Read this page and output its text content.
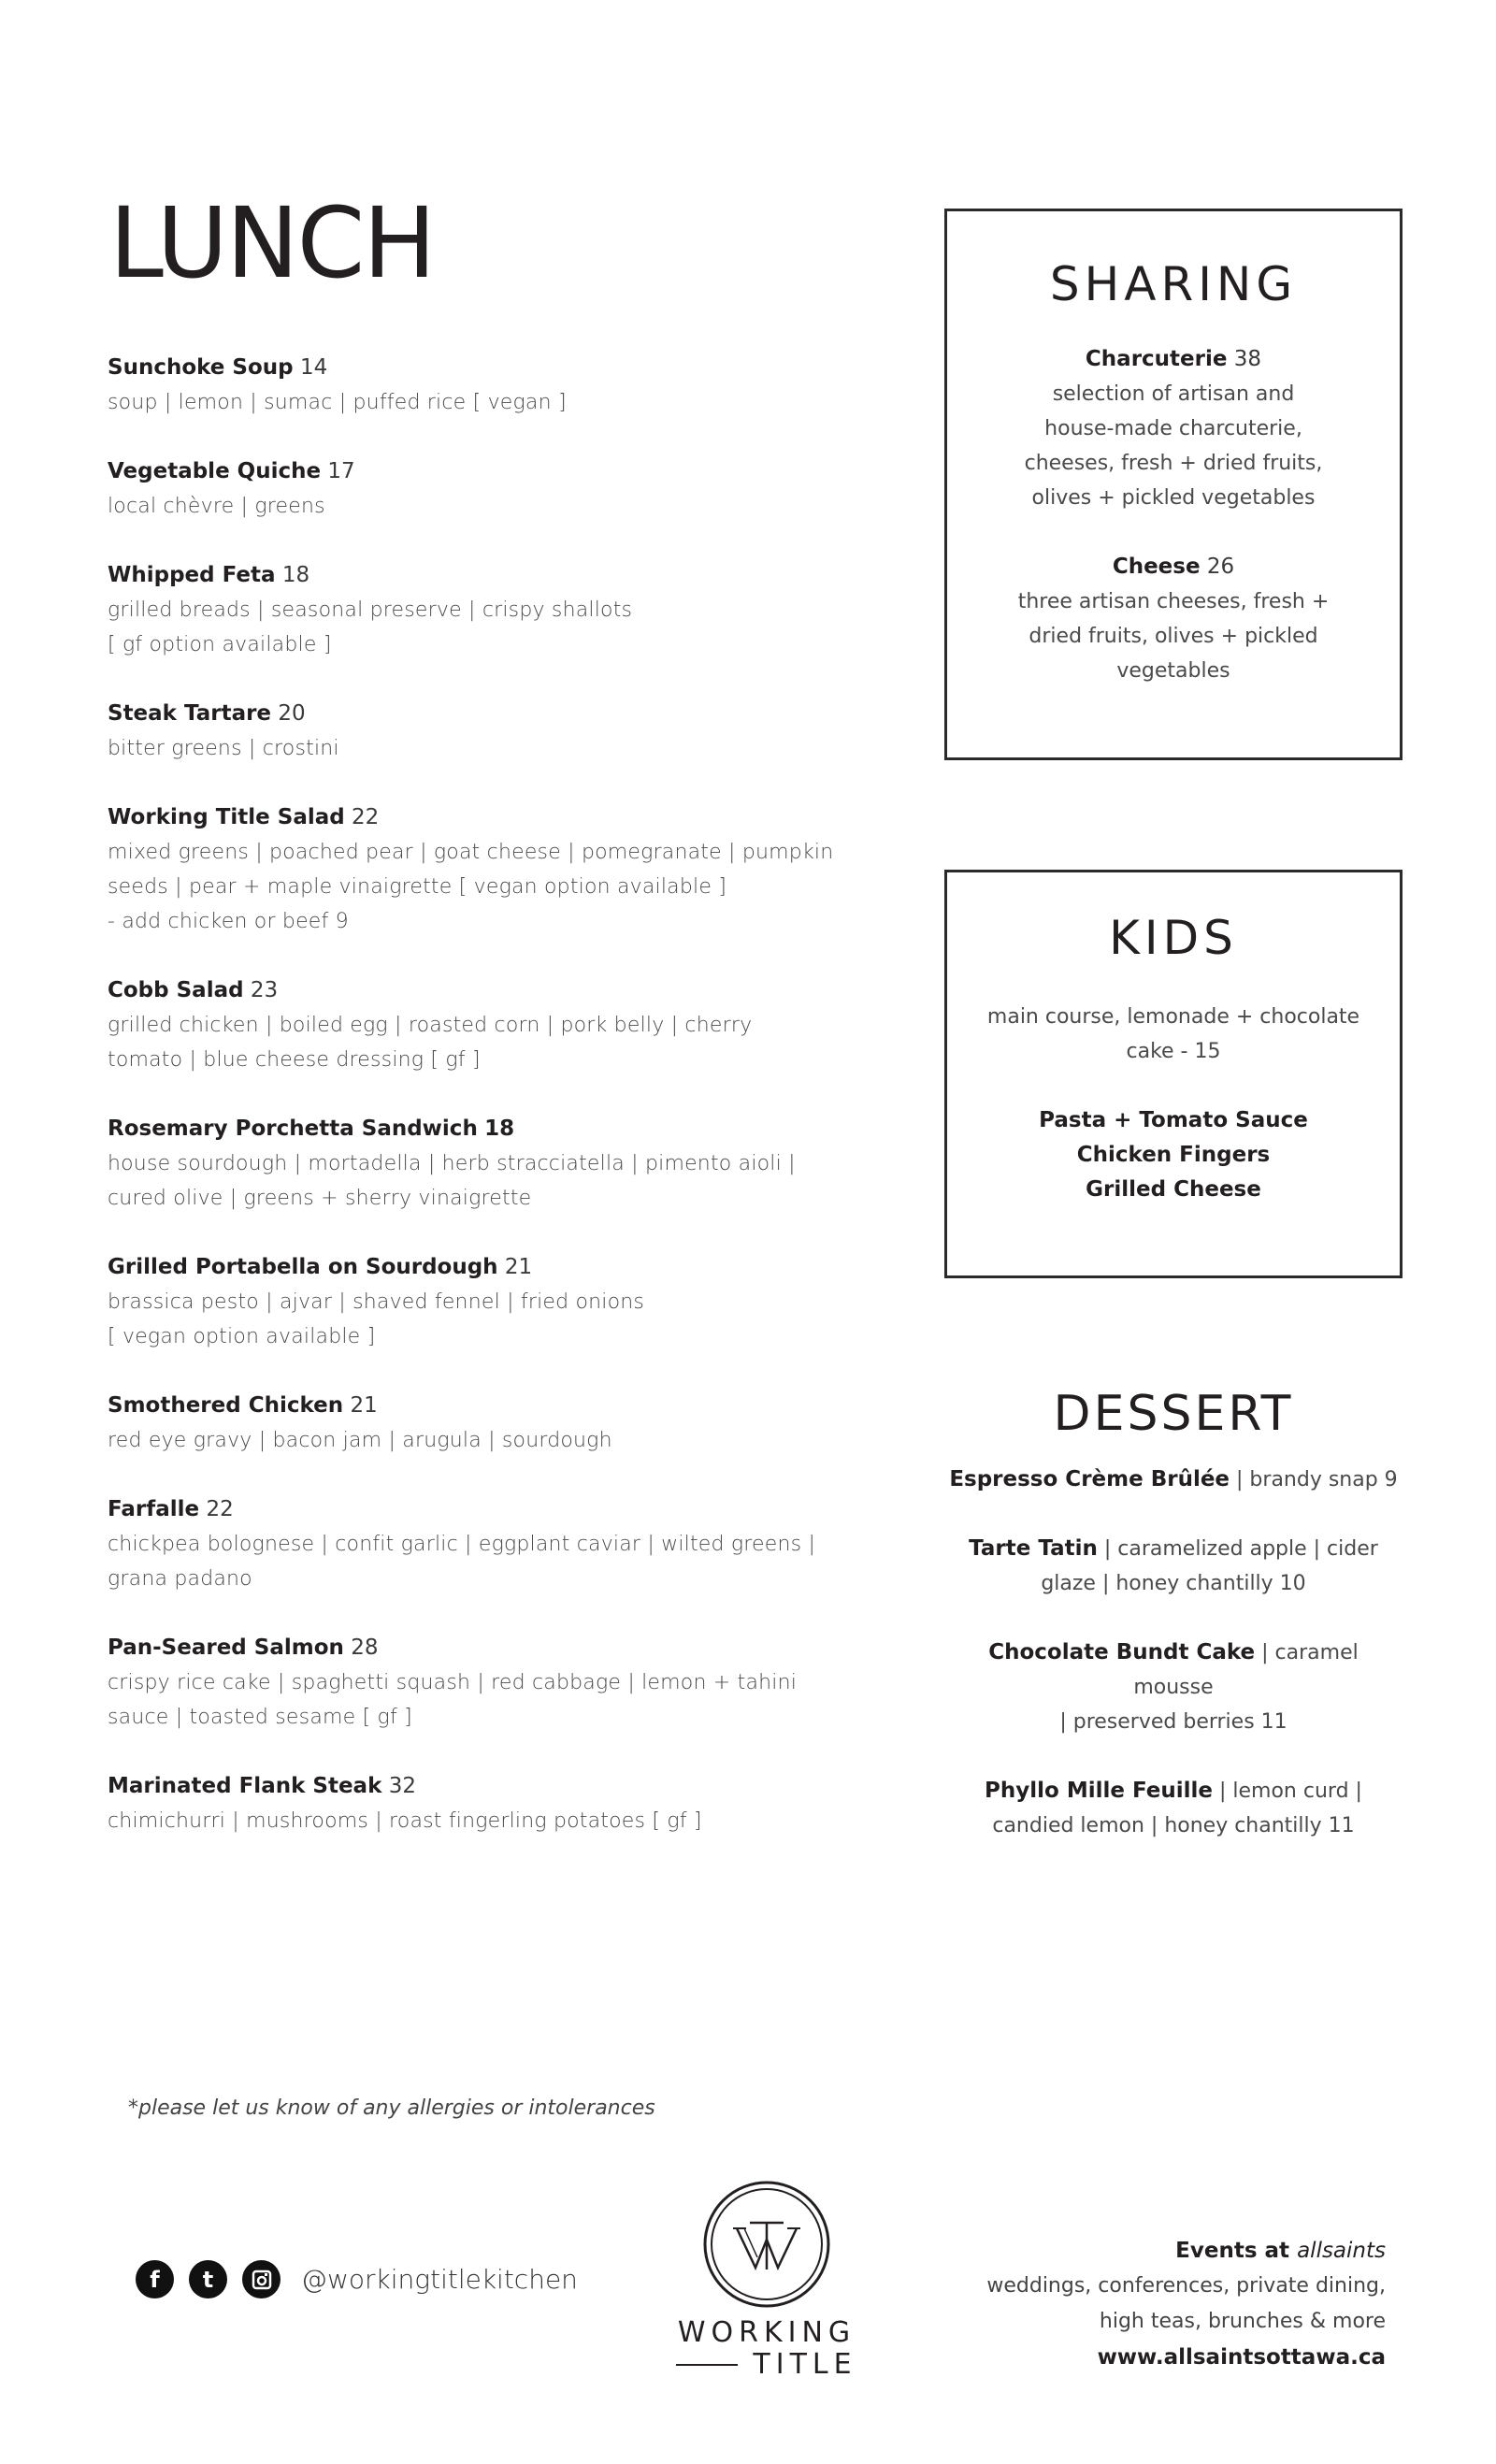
LUNCH
Sunchoke Soup 14
soup | lemon | sumac | puffed rice [ vegan ]
Vegetable Quiche 17
local chèvre | greens
Whipped Feta 18
grilled breads | seasonal preserve | crispy shallots
[ gf option available ]
Steak Tartare 20
bitter greens | crostini
Working Title Salad 22
mixed greens | poached pear | goat cheese | pomegranate | pumpkin
seeds | pear + maple vinaigrette [ vegan option available ]
- add chicken or beef 9
Cobb Salad 23
grilled chicken | boiled egg | roasted corn | pork belly | cherry
tomato | blue cheese dressing [ gf ]
Rosemary Porchetta Sandwich 18
house sourdough | mortadella | herb stracciatella | pimento aioli |
cured olive | greens + sherry vinaigrette
Grilled Portabella on Sourdough 21
brassica pesto | ajvar | shaved fennel | fried onions
[ vegan option available ]
Smothered Chicken 21
red eye gravy | bacon jam | arugula | sourdough
Farfalle 22
chickpea bolognese | confit garlic | eggplant caviar | wilted greens |
grana padano
Pan-Seared Salmon 28
crispy rice cake | spaghetti squash | red cabbage | lemon + tahini
sauce | toasted sesame [ gf ]
Marinated Flank Steak 32
chimichurri | mushrooms | roast fingerling potatoes [ gf ]
SHARING
Charcuterie 38
selection of artisan and
house-made charcuterie,
cheeses, fresh + dried fruits,
olives + pickled vegetables
Cheese 26
three artisan cheeses, fresh +
dried fruits, olives + pickled
vegetables
KIDS
main course, lemonade + chocolate
cake - 15
Pasta + Tomato Sauce
Chicken Fingers
Grilled Cheese
DESSERT
Espresso Crème Brûlée | brandy snap 9
Tarte Tatin | caramelized apple | cider
glaze | honey chantilly 10
Chocolate Bundt Cake | caramel mousse
| preserved berries 11
Phyllo Mille Feuille | lemon curd |
candied lemon | honey chantilly 11
*please let us know of any allergies or intolerances
f	t	@workingtitlekitchen
WORKING
TITLE
Events at allsaints
weddings, conferences, private dining,
high teas, brunches & more
www.allsaintsottawa.ca
